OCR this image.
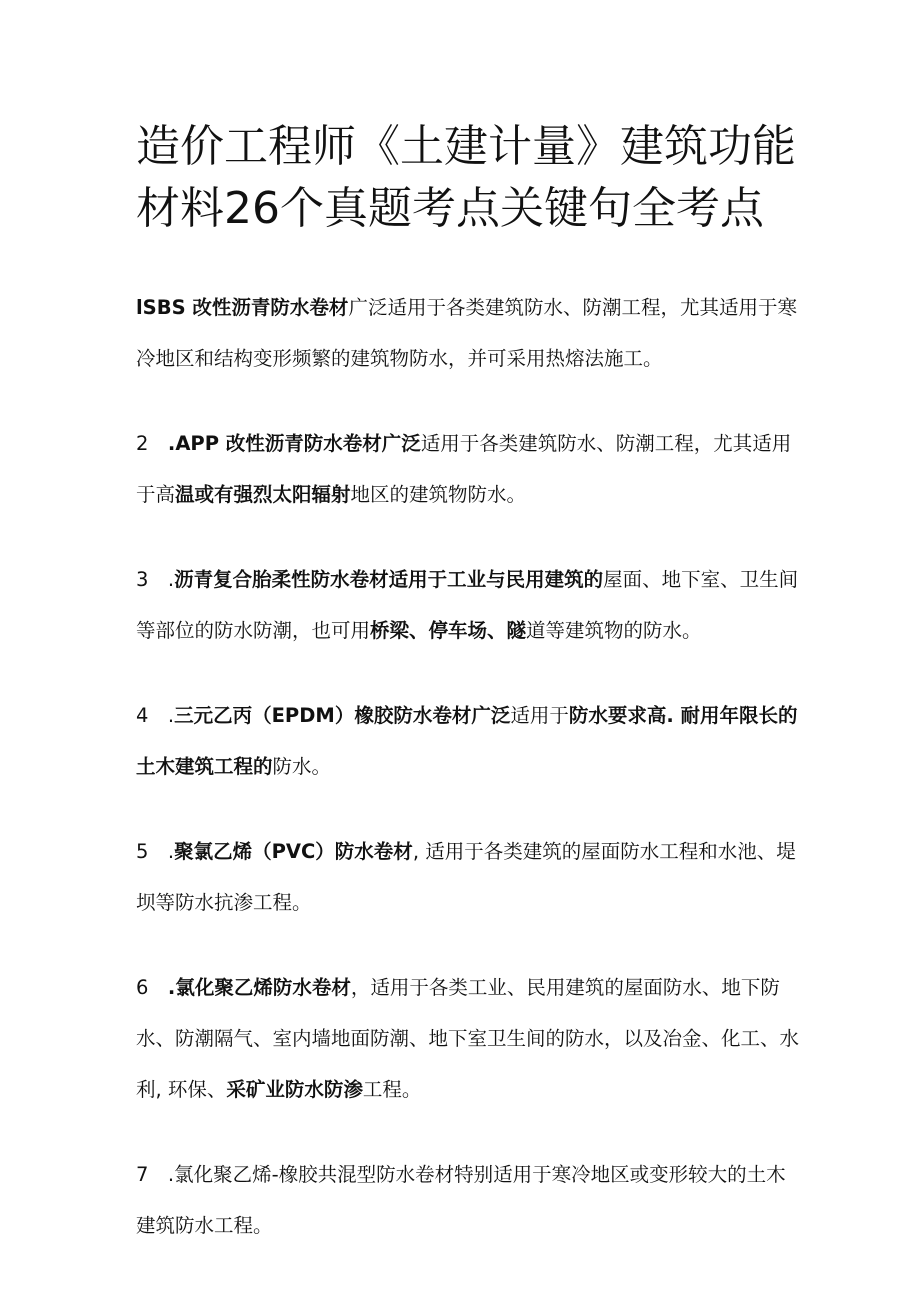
造价工程师《土建计量》建筑功能材料26个真题考点关键句全考点

lSBS 改性沥青防水卷材广泛适用于各类建筑防水、防潮工程，尤其适用于寒冷地区和结构变形频繁的建筑物防水，并可采用热熔法施工。

2　.APP 改性沥青防水卷材广泛适用于各类建筑防水、防潮工程，尤其适用于高温或有强烈太阳辐射地区的建筑物防水。

3　.沥青复合胎柔性防水卷材适用于工业与民用建筑的屋面、地下室、卫生间等部位的防水防潮，也可用桥梁、停车场、隧道等建筑物的防水。

4　.三元乙丙（EPDM）橡胶防水卷材广泛适用于防水要求高. 耐用年限长的土木建筑工程的防水。

5　.聚氯乙烯（PVC）防水卷材, 适用于各类建筑的屋面防水工程和水池、堤坝等防水抗渗工程。

6　.氯化聚乙烯防水卷材，适用于各类工业、民用建筑的屋面防水、地下防水、防潮隔气、室内墙地面防潮、地下室卫生间的防水，以及冶金、化工、水利, 环保、采矿业防水防渗工程。

7　.氯化聚乙烯-橡胶共混型防水卷材特别适用于寒冷地区或变形较大的土木建筑防水工程。
